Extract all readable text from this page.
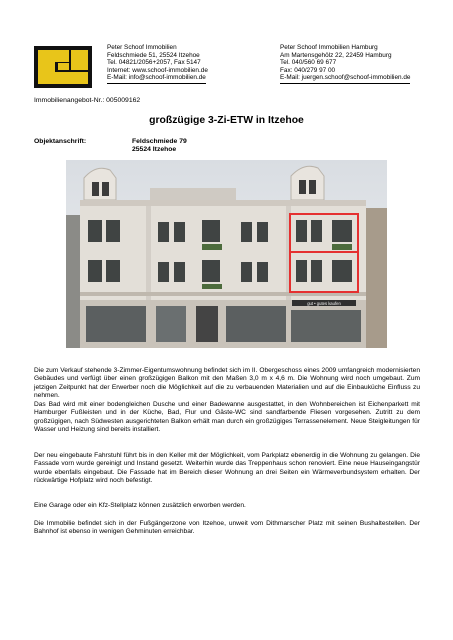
Peter Schoof Immobilien
Feldschmiede 51, 25524 Itzehoe
Tel. 04821/2056+2057, Fax 5147
Internet: www.schoof-immobilien.de
E-Mail: info@schoof-immobilien.de
Peter Schoof Immobilien Hamburg
Am Martensgehölz 22, 22459 Hamburg
Tel. 040/560 69 677
Fax: 040/279 97 00
E-Mail: juergen.schoof@schoof-immobilien.de
Immobilienangebot-Nr.: 005009162
großzügige 3-Zi-ETW in Itzehoe
Objektanschrift:	Feldschmiede 79
25524 Itzehoe
gut • gutes kaufen
Die zum Verkauf stehende 3-Zimmer-Eigentumswohnung befindet sich im II. Obergeschoss eines 2009 umfangreich modernisierten Gebäudes und verfügt über einen großzügigen Balkon mit den Maßen 3,0 m x 4,6 m. Die Wohnung wird noch umgebaut. Zum jetzigen Zeitpunkt hat der Erwerber noch die Möglichkeit auf die zu verbauenden Materialien und auf die Einbauküche Einfluss zu nehmen.
Das Bad wird mit einer bodengleichen Dusche und einer Badewanne ausgestattet, in den Wohnbereichen ist Eichenparkett mit Hamburger Fußleisten und in der Küche, Bad, Flur und Gäste-WC sind sandfarbende Fliesen vorgesehen. Zutritt zu dem großzügigen, nach Südwesten ausgerichteten Balkon erhält man durch ein großzügiges Terrassenelement. Neue Steigleitungen für Wasser und Heizung sind bereits installiert.
Der neu eingebaute Fahrstuhl führt bis in den Keller mit der Möglichkeit, vom Parkplatz ebenerdig in die Wohnung zu gelangen. Die Fassade vorn wurde gereinigt und Instand gesetzt. Weiterhin wurde das Treppenhaus schon renoviert. Eine neue Hauseingangstür wurde ebenfalls eingebaut. Die Fassade hat im Bereich dieser Wohnung an drei Seiten ein Wärmeverbundsystem erhalten. Der rückwärtige Hofplatz wird noch befestigt.
Eine Garage oder ein Kfz-Stellplatz können zusätzlich erworben werden.
Die Immobilie befindet sich in der Fußgängerzone von Itzehoe, unweit vom Dithmarscher Platz mit seinen Bushaltestellen. Der Bahnhof ist ebenso in wenigen Gehminuten erreichbar.
